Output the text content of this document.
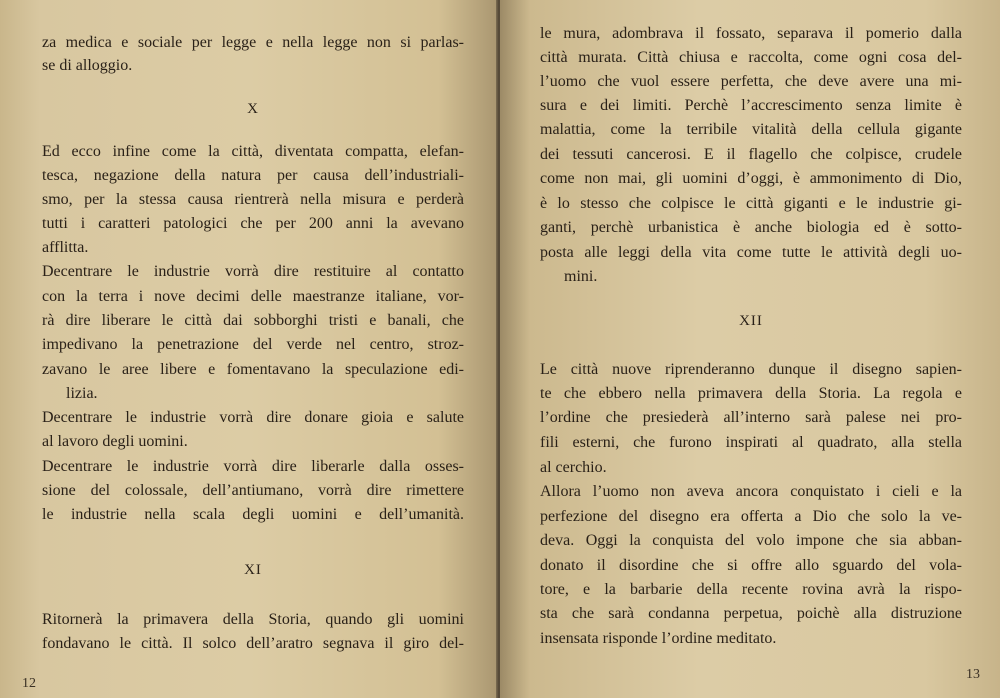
za medica e sociale per legge e nella legge non si parlas-
se di alloggio.
X
Ed ecco infine come la città, diventata compatta, elefan-
tesca, negazione della natura per causa dell’industriali-
smo, per la stessa causa rientrerà nella misura e perderà
tutti i caratteri patologici che per 200 anni la avevano
afflitta.
Decentrare le industrie vorrà dire restituire al contatto
con la terra i nove decimi delle maestranze italiane, vor-
rà dire liberare le città dai sobborghi tristi e banali, che
impedivano la penetrazione del verde nel centro, stroz-
zavano le aree libere e fomentavano la speculazione edi-
lizia.
Decentrare le industrie vorrà dire donare gioia e salute
al lavoro degli uomini.
Decentrare le industrie vorrà dire liberarle dalla osses-
sione del colossale, dell’antiumano, vorrà dire rimettere
le industrie nella scala degli uomini e dell’umanità.
XI
Ritornerà la primavera della Storia, quando gli uomini
fondavano le città. Il solco dell’aratro segnava il giro del-
12
le mura, adombrava il fossato, separava il pomerio dalla
città murata. Città chiusa e raccolta, come ogni cosa del-
l’uomo che vuol essere perfetta, che deve avere una mi-
sura e dei limiti. Perchè l’accrescimento senza limite è
malattia, come la terribile vitalità della cellula gigante
dei tessuti cancerosi. E il flagello che colpisce, crudele
come non mai, gli uomini d’oggi, è ammonimento di Dio,
è lo stesso che colpisce le città giganti e le industrie gi-
ganti, perchè urbanistica è anche biologia ed è sotto-
posta alle leggi della vita come tutte le attività degli uo-
mini.
XII
Le città nuove riprenderanno dunque il disegno sapien-
te che ebbero nella primavera della Storia. La regola e
l’ordine che presiederà all’interno sarà palese nei pro-
fili esterni, che furono inspirati al quadrato, alla stella
al cerchio.
Allora l’uomo non aveva ancora conquistato i cieli e la
perfezione del disegno era offerta a Dio che solo la ve-
deva. Oggi la conquista del volo impone che sia abban-
donato il disordine che si offre allo sguardo del vola-
tore, e la barbarie della recente rovina avrà la rispo-
sta che sarà condanna perpetua, poichè alla distruzione
insensata risponde l’ordine meditato.
13
